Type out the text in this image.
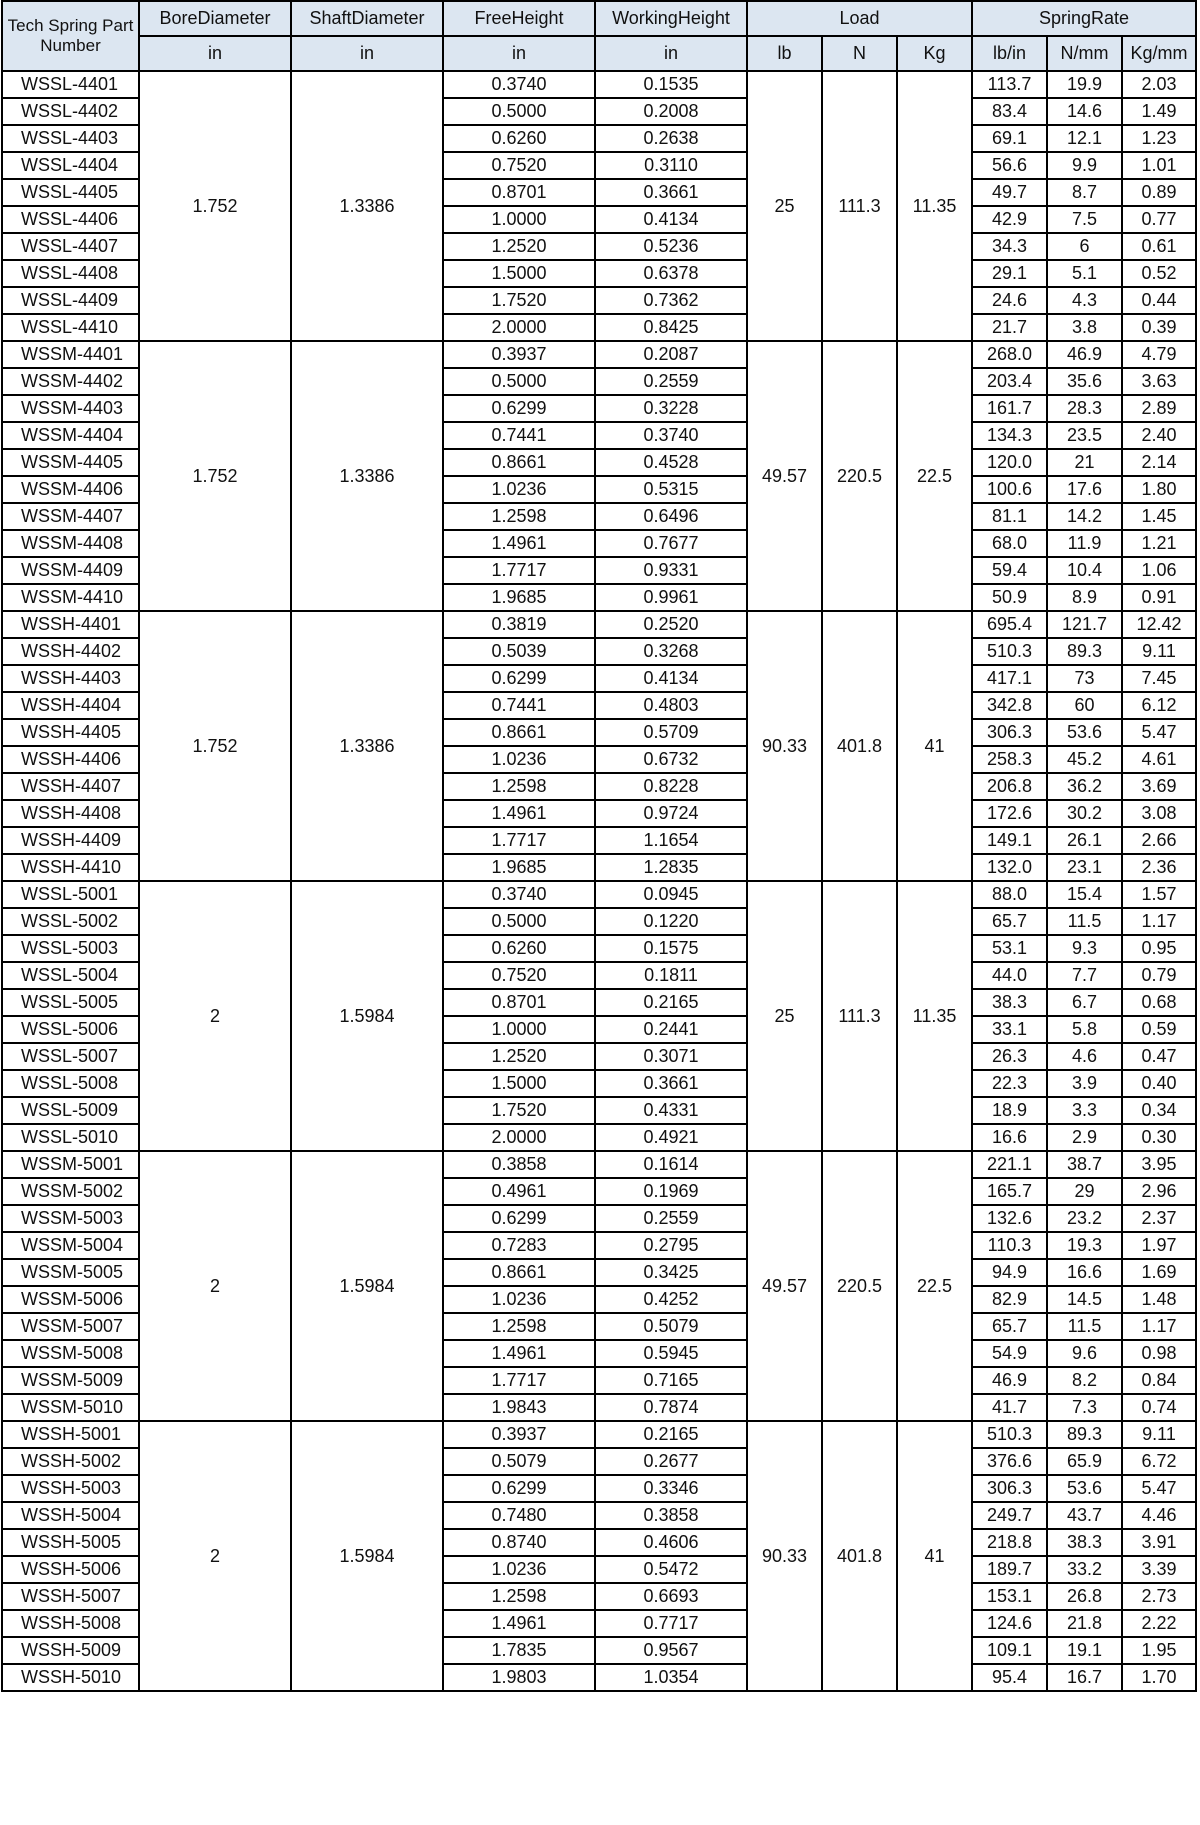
Tech Spring Part Number	BoreDiameter	ShaftDiameter	FreeHeight	WorkingHeight	Load			SpringRate		
	in	in	in	in	lb	N	Kg	lb/in	N/mm	Kg/mm
WSSL-4401	1.752	1.3386	0.3740	0.1535	25	111.3	11.35	113.7	19.9	2.03
WSSL-4402			0.5000	0.2008				83.4	14.6	1.49
WSSL-4403			0.6260	0.2638				69.1	12.1	1.23
WSSL-4404			0.7520	0.3110				56.6	9.9	1.01
WSSL-4405			0.8701	0.3661				49.7	8.7	0.89
WSSL-4406			1.0000	0.4134				42.9	7.5	0.77
WSSL-4407			1.2520	0.5236				34.3	6	0.61
WSSL-4408			1.5000	0.6378				29.1	5.1	0.52
WSSL-4409			1.7520	0.7362				24.6	4.3	0.44
WSSL-4410			2.0000	0.8425				21.7	3.8	0.39
WSSM-4401	1.752	1.3386	0.3937	0.2087	49.57	220.5	22.5	268.0	46.9	4.79
WSSM-4402			0.5000	0.2559				203.4	35.6	3.63
WSSM-4403			0.6299	0.3228				161.7	28.3	2.89
WSSM-4404			0.7441	0.3740				134.3	23.5	2.40
WSSM-4405			0.8661	0.4528				120.0	21	2.14
WSSM-4406			1.0236	0.5315				100.6	17.6	1.80
WSSM-4407			1.2598	0.6496				81.1	14.2	1.45
WSSM-4408			1.4961	0.7677				68.0	11.9	1.21
WSSM-4409			1.7717	0.9331				59.4	10.4	1.06
WSSM-4410			1.9685	0.9961				50.9	8.9	0.91
WSSH-4401	1.752	1.3386	0.3819	0.2520	90.33	401.8	41	695.4	121.7	12.42
WSSH-4402			0.5039	0.3268				510.3	89.3	9.11
WSSH-4403			0.6299	0.4134				417.1	73	7.45
WSSH-4404			0.7441	0.4803				342.8	60	6.12
WSSH-4405			0.8661	0.5709				306.3	53.6	5.47
WSSH-4406			1.0236	0.6732				258.3	45.2	4.61
WSSH-4407			1.2598	0.8228				206.8	36.2	3.69
WSSH-4408			1.4961	0.9724				172.6	30.2	3.08
WSSH-4409			1.7717	1.1654				149.1	26.1	2.66
WSSH-4410			1.9685	1.2835				132.0	23.1	2.36
WSSL-5001	2	1.5984	0.3740	0.0945	25	111.3	11.35	88.0	15.4	1.57
WSSL-5002			0.5000	0.1220				65.7	11.5	1.17
WSSL-5003			0.6260	0.1575				53.1	9.3	0.95
WSSL-5004			0.7520	0.1811				44.0	7.7	0.79
WSSL-5005			0.8701	0.2165				38.3	6.7	0.68
WSSL-5006			1.0000	0.2441				33.1	5.8	0.59
WSSL-5007			1.2520	0.3071				26.3	4.6	0.47
WSSL-5008			1.5000	0.3661				22.3	3.9	0.40
WSSL-5009			1.7520	0.4331				18.9	3.3	0.34
WSSL-5010			2.0000	0.4921				16.6	2.9	0.30
WSSM-5001	2	1.5984	0.3858	0.1614	49.57	220.5	22.5	221.1	38.7	3.95
WSSM-5002			0.4961	0.1969				165.7	29	2.96
WSSM-5003			0.6299	0.2559				132.6	23.2	2.37
WSSM-5004			0.7283	0.2795				110.3	19.3	1.97
WSSM-5005			0.8661	0.3425				94.9	16.6	1.69
WSSM-5006			1.0236	0.4252				82.9	14.5	1.48
WSSM-5007			1.2598	0.5079				65.7	11.5	1.17
WSSM-5008			1.4961	0.5945				54.9	9.6	0.98
WSSM-5009			1.7717	0.7165				46.9	8.2	0.84
WSSM-5010			1.9843	0.7874				41.7	7.3	0.74
WSSH-5001	2	1.5984	0.3937	0.2165	90.33	401.8	41	510.3	89.3	9.11
WSSH-5002			0.5079	0.2677				376.6	65.9	6.72
WSSH-5003			0.6299	0.3346				306.3	53.6	5.47
WSSH-5004			0.7480	0.3858				249.7	43.7	4.46
WSSH-5005			0.8740	0.4606				218.8	38.3	3.91
WSSH-5006			1.0236	0.5472				189.7	33.2	3.39
WSSH-5007			1.2598	0.6693				153.1	26.8	2.73
WSSH-5008			1.4961	0.7717				124.6	21.8	2.22
WSSH-5009			1.7835	0.9567				109.1	19.1	1.95
WSSH-5010			1.9803	1.0354				95.4	16.7	1.70
